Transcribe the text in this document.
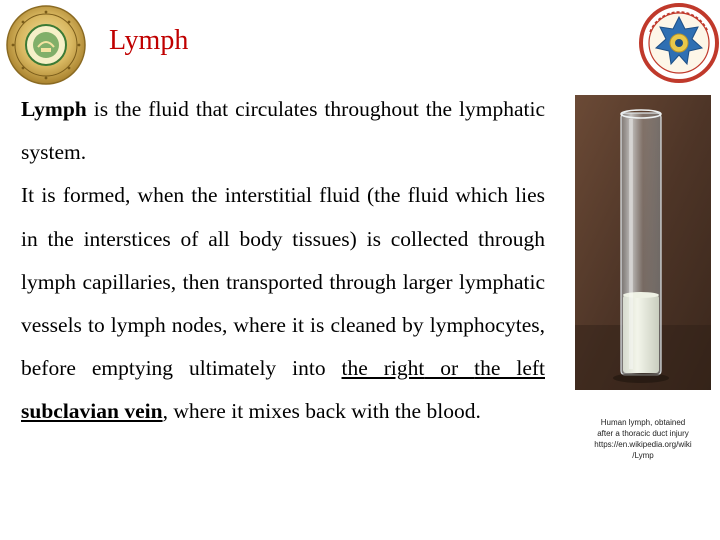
Lymph

Lymph is the fluid that circulates throughout the lymphatic system.

It is formed, when the interstitial fluid (the fluid which lies in the interstices of all body tissues) is collected through lymph capillaries, then transported through larger lymphatic vessels to lymph nodes, where it is cleaned by lymphocytes, before emptying ultimately into the right or the left subclavian vein, where it mixes back with the blood.	Human lymph, obtained
after a thoracic duct injury
https://en.wikipedia.org/wiki
/Lymp
